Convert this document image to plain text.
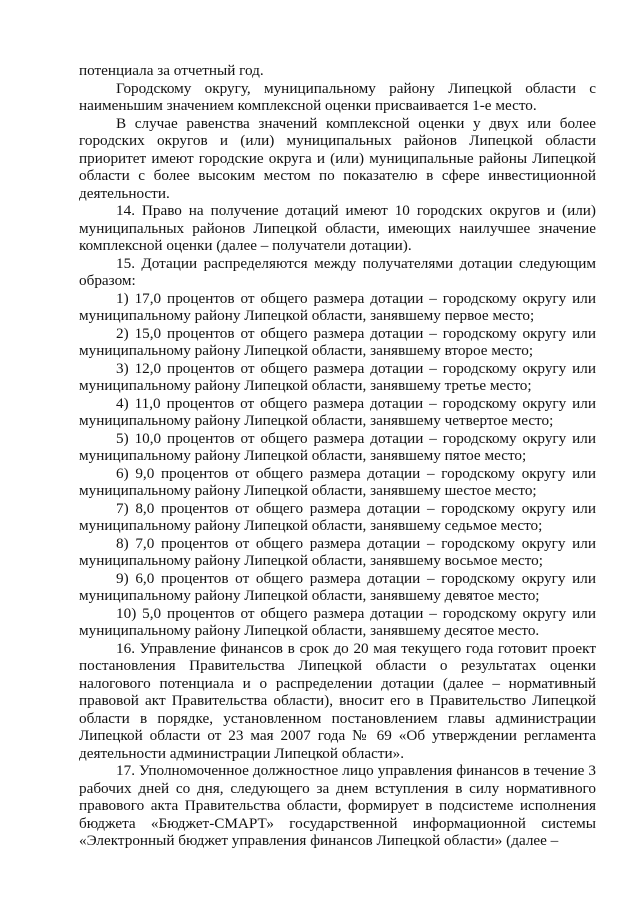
потенциала за отчетный год.

Городскому округу, муниципальному району Липецкой области с наименьшим значением комплексной оценки присваивается 1-е место.

В случае равенства значений комплексной оценки у двух или более городских округов и (или) муниципальных районов Липецкой области приоритет имеют городские округа и (или) муниципальные районы Липецкой области с более высоким местом по показателю в сфере инвестиционной деятельности.

14. Право на получение дотаций имеют 10 городских округов и (или) муниципальных районов Липецкой области, имеющих наилучшее значение комплексной оценки (далее – получатели дотации).

15. Дотации распределяются между получателями дотации следующим образом:

1) 17,0 процентов от общего размера дотации – городскому округу или муниципальному району Липецкой области, занявшему первое место;

2) 15,0 процентов от общего размера дотации – городскому округу или муниципальному району Липецкой области, занявшему второе место;

3) 12,0 процентов от общего размера дотации – городскому округу или муниципальному району Липецкой области, занявшему третье место;

4) 11,0 процентов от общего размера дотации – городскому округу или муниципальному району Липецкой области, занявшему четвертое место;

5) 10,0 процентов от общего размера дотации – городскому округу или муниципальному району Липецкой области, занявшему пятое место;

6) 9,0 процентов от общего размера дотации – городскому округу или муниципальному району Липецкой области, занявшему шестое место;

7) 8,0 процентов от общего размера дотации – городскому округу или муниципальному району Липецкой области, занявшему седьмое место;

8) 7,0 процентов от общего размера дотации – городскому округу или муниципальному району Липецкой области, занявшему восьмое место;

9) 6,0 процентов от общего размера дотации – городскому округу или муниципальному району Липецкой области, занявшему девятое место;

10) 5,0 процентов от общего размера дотации – городскому округу или муниципальному району Липецкой области, занявшему десятое место.

16. Управление финансов в срок до 20 мая текущего года готовит проект постановления Правительства Липецкой области о результатах оценки налогового потенциала и о распределении дотации (далее – нормативный правовой акт Правительства области), вносит его в Правительство Липецкой области в порядке, установленном постановлением главы администрации Липецкой области от 23 мая 2007 года № 69 «Об утверждении регламента деятельности администрации Липецкой области».

17. Уполномоченное должностное лицо управления финансов в течение 3 рабочих дней со дня, следующего за днем вступления в силу нормативного правового акта Правительства области, формирует в подсистеме исполнения бюджета «Бюджет-СМАРТ» государственной информационной системы «Электронный бюджет управления финансов Липецкой области» (далее –
